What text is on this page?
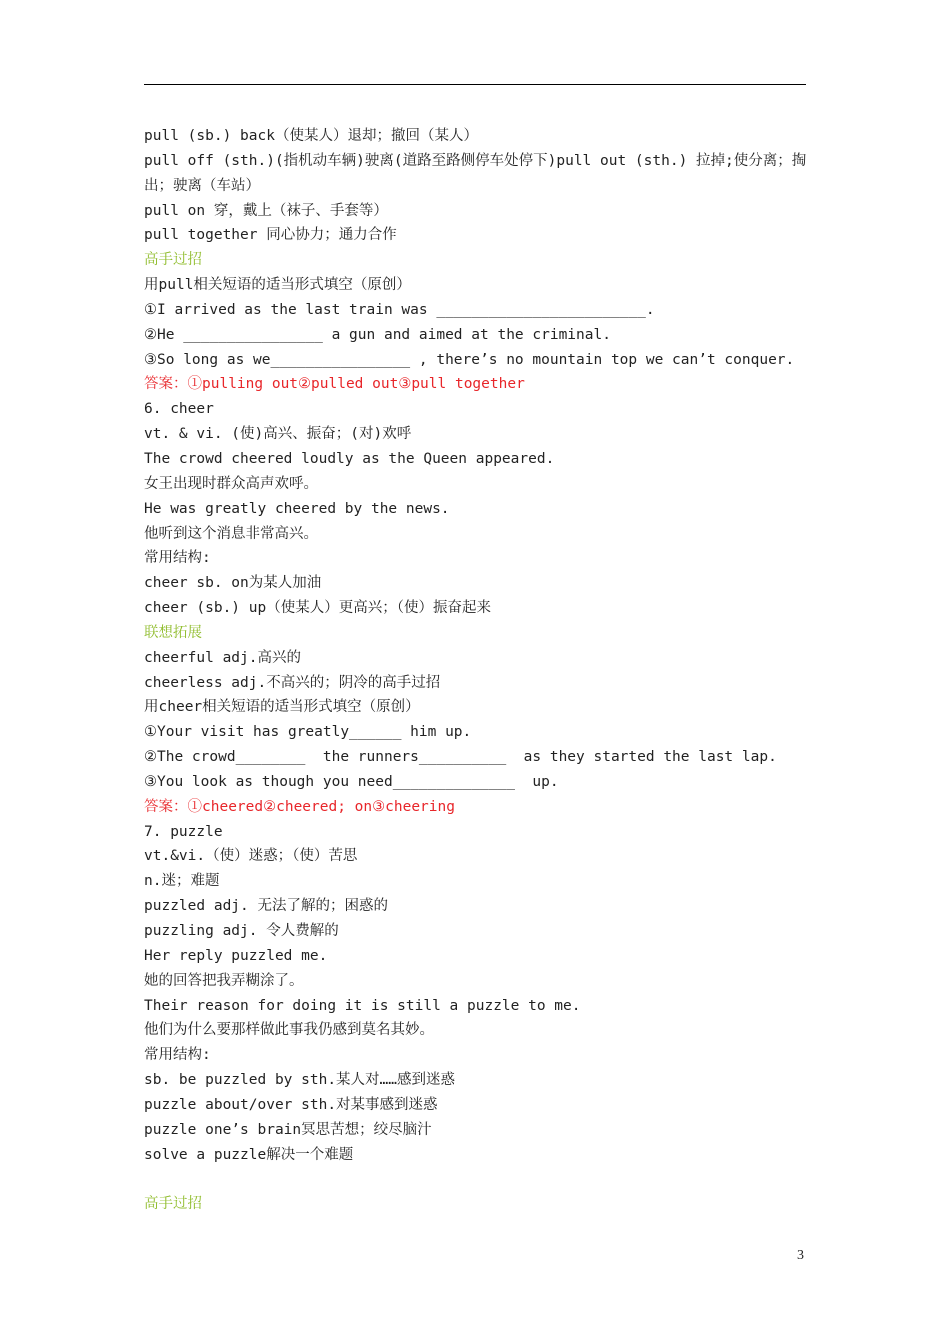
pull (sb.) back（使某人）退却；撤回（某人）
pull off (sth.)(指机动车辆)驶离(道路至路侧停车处停下)pull out (sth.) 拉掉;使分离；掏出；驶离（车站）
pull on 穿，戴上（袜子、手套等）
pull together 同心协力；通力合作
高手过招
用pull相关短语的适当形式填空（原创）
①I arrived as the last train was ________________________.
②He ________________ a gun and aimed at the criminal.
③So long as we________________ , there’s no mountain top we can’t conquer.
答案：①pulling out②pulled out③pull together
6. cheer
vt. & vi. (使)高兴、振奋；(对)欢呼
The crowd cheered loudly as the Queen appeared.
女王出现时群众高声欢呼。
He was greatly cheered by the news.
他听到这个消息非常高兴。
常用结构:
cheer sb. on为某人加油
cheer (sb.) up（使某人）更高兴；（使）振奋起来
联想拓展
cheerful adj.高兴的
cheerless adj.不高兴的；阴冷的高手过招
用cheer相关短语的适当形式填空（原创）
①Your visit has greatly______ him up.
②The crowd________  the runners__________  as they started the last lap.
③You look as though you need______________  up.
答案：①cheered②cheered; on③cheering
7. puzzle
vt.&vi.（使）迷惑；（使）苦思
n.迷；难题
puzzled adj. 无法了解的；困惑的
puzzling adj. 令人费解的
Her reply puzzled me.
她的回答把我弄糊涂了。
Their reason for doing it is still a puzzle to me.
他们为什么要那样做此事我仍感到莫名其妙。
常用结构:
sb. be puzzled by sth.某人对……感到迷惑
puzzle about/over sth.对某事感到迷惑
puzzle one’s brain冥思苦想；绞尽脑汁
solve a puzzle解决一个难题
高手过招
3
